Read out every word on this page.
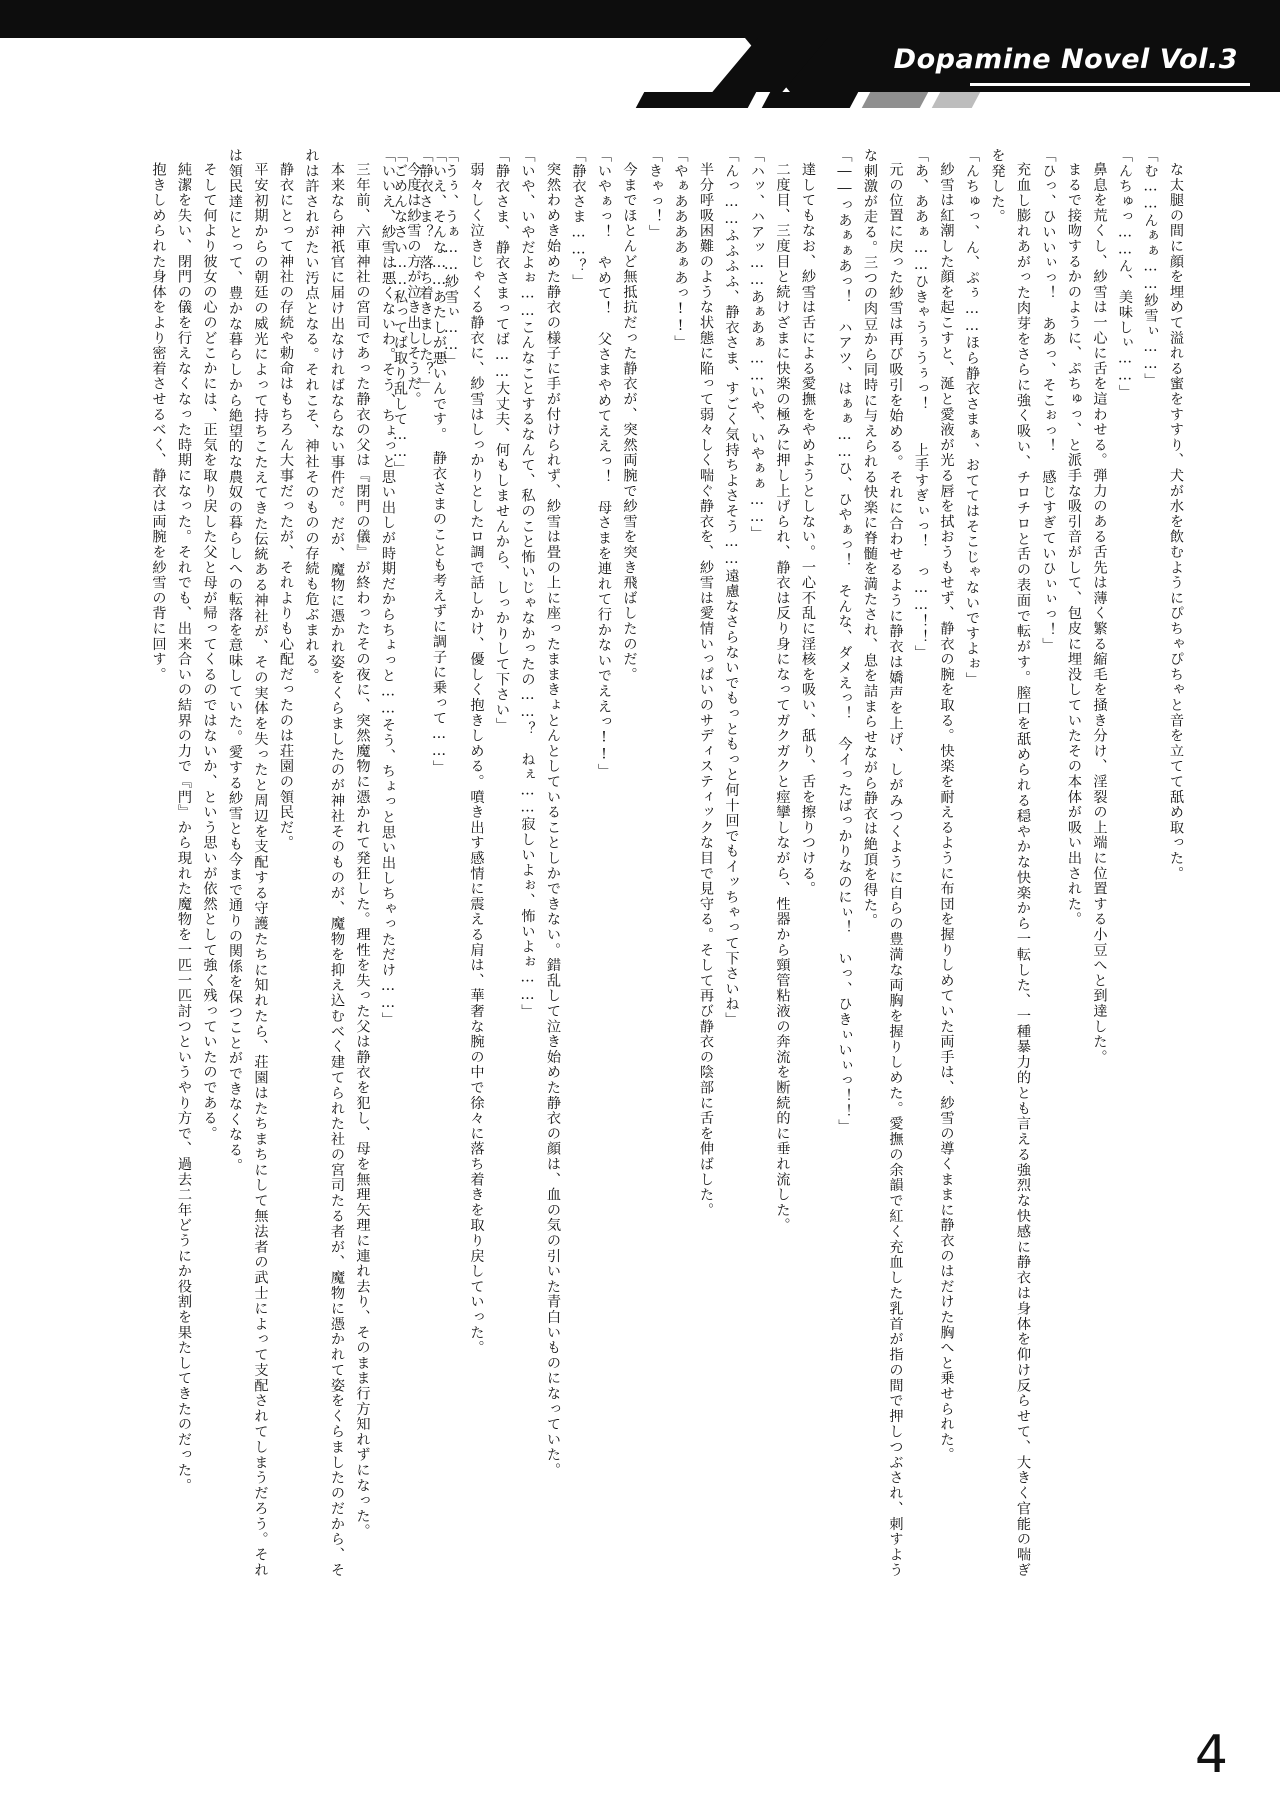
Dopamine Novel Vol.3

な太腿の間に顔を埋めて溢れる蜜をすすり、犬が水を飲むようにぴちゃぴちゃと音を立てて舐め取った。

「む……んぁぁ……紗雪ぃ……」

「んちゅっ……ん、美味しぃ……」

鼻息を荒くし、紗雪は一心に舌を這わせる。弾力のある舌先は薄く繁る縮毛を掻き分け、淫裂の上端に位置する小豆へと到達した。

まるで接吻するかのように、ぷちゅっ、と派手な吸引音がして、包皮に埋没していたその本体が吸い出された。

「ひっ、ひいいぃっ！　ああっ、そこぉっ！　感じすぎていひぃぃっ！」

充血し膨れあがった肉芽をさらに強く吸い、チロチロと舌の表面で転がす。膣口を舐められる穏やかな快楽から一転した、一種暴力的とも言える強烈な快感に静衣は身体を仰け反らせて、大きく官能の喘ぎを発した。

「んちゅっ、ん、ぷぅ……ほら静衣さまぁ、おててはそこじゃないですよぉ」

紗雪は紅潮した顔を起こすと、涎と愛液が光る唇を拭おうもせず、静衣の腕を取る。快楽を耐えるように布団を握りしめていた両手は、紗雪の導くままに静衣のはだけた胸へと乗せられた。

「あ、ああぁ……ひきゃうぅうぅっ！　　上手すぎぃっ！　っ……！！」

元の位置に戻った紗雪は再び吸引を始める。それに合わせるように静衣は嬌声を上げ、しがみつくように自らの豊満な両胸を握りしめた。愛撫の余韻で紅く充血した乳首が指の間で押しつぶされ、刺すような刺激が走る。三つの肉豆から同時に与えられる快楽に脊髄を満たされ、息を詰まらせながら静衣は絶頂を得た。

「――っあぁぁあっ！　ハアツ、はぁぁ……ひ、ひやぁっ！　そんな、ダメえっ！　今イったばっかりなのにぃ！　いっ、ひきぃいぃっ！！」

達してもなお、紗雪は舌による愛撫をやめようとしない。一心不乱に淫核を吸い、舐り、舌を擦りつける。

二度目、三度目と続けざまに快楽の極みに押し上げられ、静衣は反り身になってガクガクと痙攣しながら、性器から頸管粘液の奔流を断続的に垂れ流した。

「ハッ、ハアッ……あぁあぁ……いや、いやぁぁ……」

「んっ……ふふふふ、静衣さま、すごく気持ちよさそう……遠慮なさらないでもっともっと何十回でもイッちゃって下さいね」

半分呼吸困難のような状態に陥って弱々しく喘ぐ静衣を、紗雪は愛情いっぱいのサディスティックな目で見守る。そして再び静衣の陰部に舌を伸ばした。

「やぁああああぁあっ!!」

「きゃっ！」

今までほとんど無抵抗だった静衣が、突然両腕で紗雪を突き飛ばしたのだ。

「いやぁっ！　やめて！　父さまやめてええっ！　母さまを連れて行かないでええっ!!」

「静衣さま……？」

突然わめき始めた静衣の様子に手が付けられず、紗雪は畳の上に座ったままきょとんとしていることしかできない。錯乱して泣き始めた静衣の顔は、血の気の引いた青白いものになっていた。

「いや、いやだよぉ……こんなことするなんて、私のこと怖いじゃなかったの……？　ねぇ……寂しいよぉ、怖いよぉ……」

「静衣さま、静衣さまってば……大丈夫、何もしませんから、しっかりして下さい」

弱々しく泣きじゃくる静衣に、紗雪はしっかりとしたロ調で話しかけ、優しく抱きしめる。噴き出す感情に震える肩は、華奢な腕の中で徐々に落ち着きを取り戻していった。

「うぅ、うぁ……紗雪ぃ……」

「静衣さま？　落ち着きました？」

「ごめんなさい……私ってば取り乱して……」	「いえ、そんな……あたしが悪いんです。　静衣さまのことも考えずに調子に乗って……」

今度は紗雪の方が泣き出しそうだ。

「いいえ、紗雪は悪くないわ。そう、ちょっと思い出しが時期だからちょっと……そう、ちょっと思い出しちゃっただけ……」

三年前、六車神社の宮司であった静衣の父は『閉門の儀』が終わったその夜に、突然魔物に憑かれて発狂した。理性を失った父は静衣を犯し、母を無理矢理に連れ去り、そのまま行方知れずになった。

本来なら神祇官に届け出なければならない事件だ。だが、魔物に憑かれ姿をくらましたのが神社そのものが、魔物を抑え込むべく建てられた社の宮司たる者が、魔物に憑かれて姿をくらましたのだから、それは許されがたい汚点となる。それこそ、神社そのものの存続も危ぶまれる。

静衣にとって神社の存続や勅命はもちろん大事だったが、それよりも心配だったのは荘園の領民だ。

平安初期からの朝廷の威光によって持ちこたえてきた伝統ある神社が、その実体を失ったと周辺を支配する守護たちに知れたら、荘園はたちまちにして無法者の武士によって支配されてしまうだろう。それは領民達にとって、豊かな暮らしから絶望的な農奴の暮らしへの転落を意味していた。愛する紗雪とも今まで通りの関係を保つことができなくなる。

そして何より彼女の心のどこかには、正気を取り戻した父と母が帰ってくるのではないか、という思いが依然として強く残っていたのである。

純潔を失い、閉門の儀を行えなくなった時期になった。それでも、出来合いの結界の力で『門』から現れた魔物を一匹一匹討つというやり方で、過去二年どうにか役割を果たしてきたのだった。

抱きしめられた身体をより密着させるべく、静衣は両腕を紗雪の背に回す。

4
